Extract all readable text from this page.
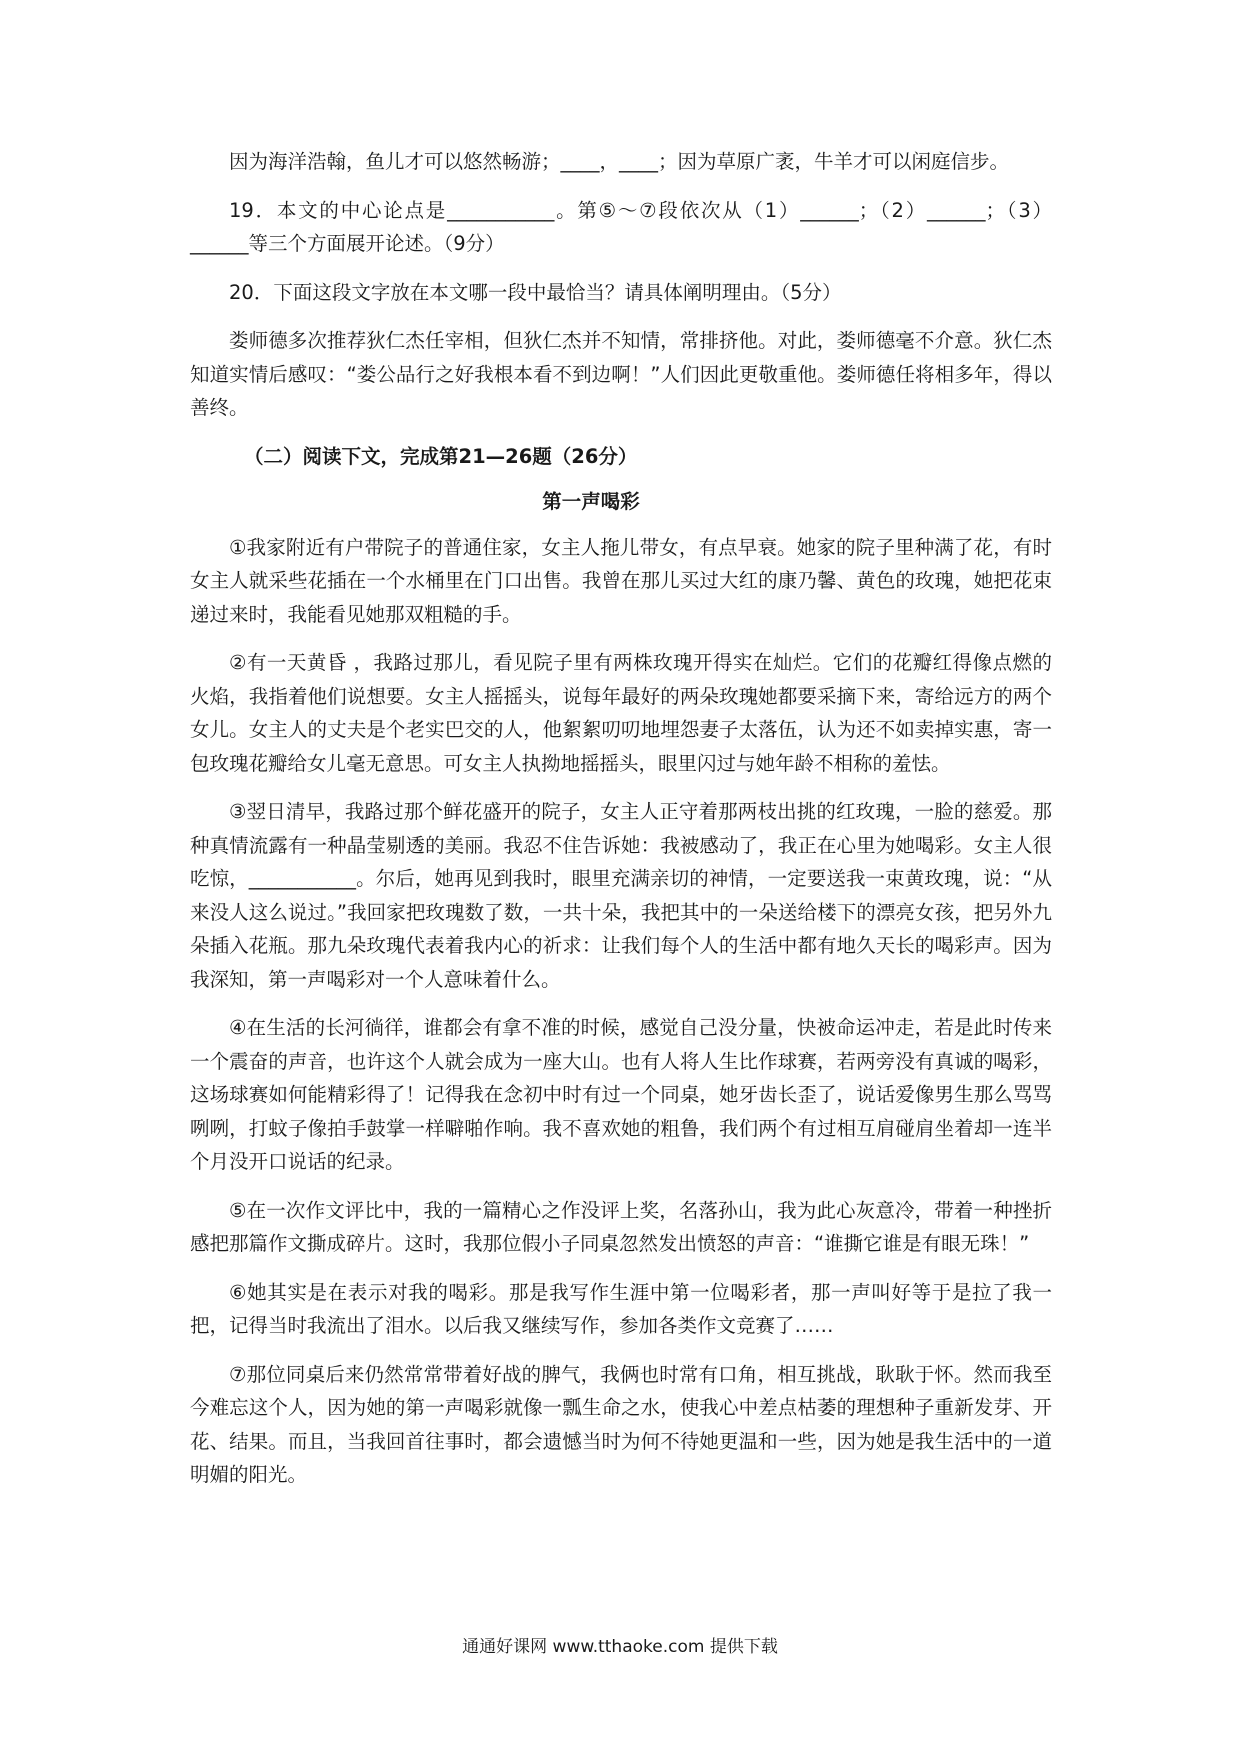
因为海洋浩翰，鱼儿才可以悠然畅游；____，____；因为草原广袤，牛羊才可以闲庭信步。

19．本文的中心论点是___________。第⑤～⑦段依次从（1）______；（2）______；（3）______等三个方面展开论述。（9分）

20．下面这段文字放在本文哪一段中最恰当？请具体阐明理由。（5分）

娄师德多次推荐狄仁杰任宰相，但狄仁杰并不知情，常排挤他。对此，娄师德毫不介意。狄仁杰知道实情后感叹：“娄公品行之好我根本看不到边啊！”人们因此更敬重他。娄师德任将相多年，得以善终。

（二）阅读下文，完成第21—26题（26分）

第一声喝彩

①我家附近有户带院子的普通住家，女主人拖儿带女，有点早衰。她家的院子里种满了花，有时女主人就采些花插在一个水桶里在门口出售。我曾在那儿买过大红的康乃馨、黄色的玫瑰，她把花束递过来时，我能看见她那双粗糙的手。

②有一天黄昏 ，我路过那儿，看见院子里有两株玫瑰开得实在灿烂。它们的花瓣红得像点燃的火焰，我指着他们说想要。女主人摇摇头，说每年最好的两朵玫瑰她都要采摘下来，寄给远方的两个女儿。女主人的丈夫是个老实巴交的人，他絮絮叨叨地埋怨妻子太落伍，认为还不如卖掉实惠，寄一包玫瑰花瓣给女儿毫无意思。可女主人执拗地摇摇头，眼里闪过与她年龄不相称的羞怯。

③翌日清早，我路过那个鲜花盛开的院子，女主人正守着那两枝出挑的红玫瑰，一脸的慈爱。那种真情流露有一种晶莹剔透的美丽。我忍不住告诉她：我被感动了，我正在心里为她喝彩。女主人很吃惊，___________。尔后，她再见到我时，眼里充满亲切的神情，一定要送我一束黄玫瑰，说：“从来没人这么说过。”我回家把玫瑰数了数，一共十朵，我把其中的一朵送给楼下的漂亮女孩，把另外九朵插入花瓶。那九朵玫瑰代表着我内心的祈求：让我们每个人的生活中都有地久天长的喝彩声。因为我深知，第一声喝彩对一个人意味着什么。

④在生活的长河徜徉，谁都会有拿不准的时候，感觉自己没分量，快被命运冲走，若是此时传来一个震奋的声音，也许这个人就会成为一座大山。也有人将人生比作球赛，若两旁没有真诚的喝彩，这场球赛如何能精彩得了！记得我在念初中时有过一个同桌，她牙齿长歪了，说话爱像男生那么骂骂咧咧，打蚊子像拍手鼓掌一样噼啪作响。我不喜欢她的粗鲁，我们两个有过相互肩碰肩坐着却一连半个月没开口说话的纪录。

⑤在一次作文评比中，我的一篇精心之作没评上奖，名落孙山，我为此心灰意冷，带着一种挫折感把那篇作文撕成碎片。这时，我那位假小子同桌忽然发出愤怒的声音：“谁撕它谁是有眼无珠！”

⑥她其实是在表示对我的喝彩。那是我写作生涯中第一位喝彩者，那一声叫好等于是拉了我一把，记得当时我流出了泪水。以后我又继续写作，参加各类作文竞赛了……

⑦那位同桌后来仍然常常带着好战的脾气，我俩也时常有口角，相互挑战，耿耿于怀。然而我至今难忘这个人，因为她的第一声喝彩就像一瓢生命之水，使我心中差点枯萎的理想种子重新发芽、开花、结果。而且，当我回首往事时，都会遗憾当时为何不待她更温和一些，因为她是我生活中的一道明媚的阳光。

通通好课网 www.tthaoke.com 提供下载
